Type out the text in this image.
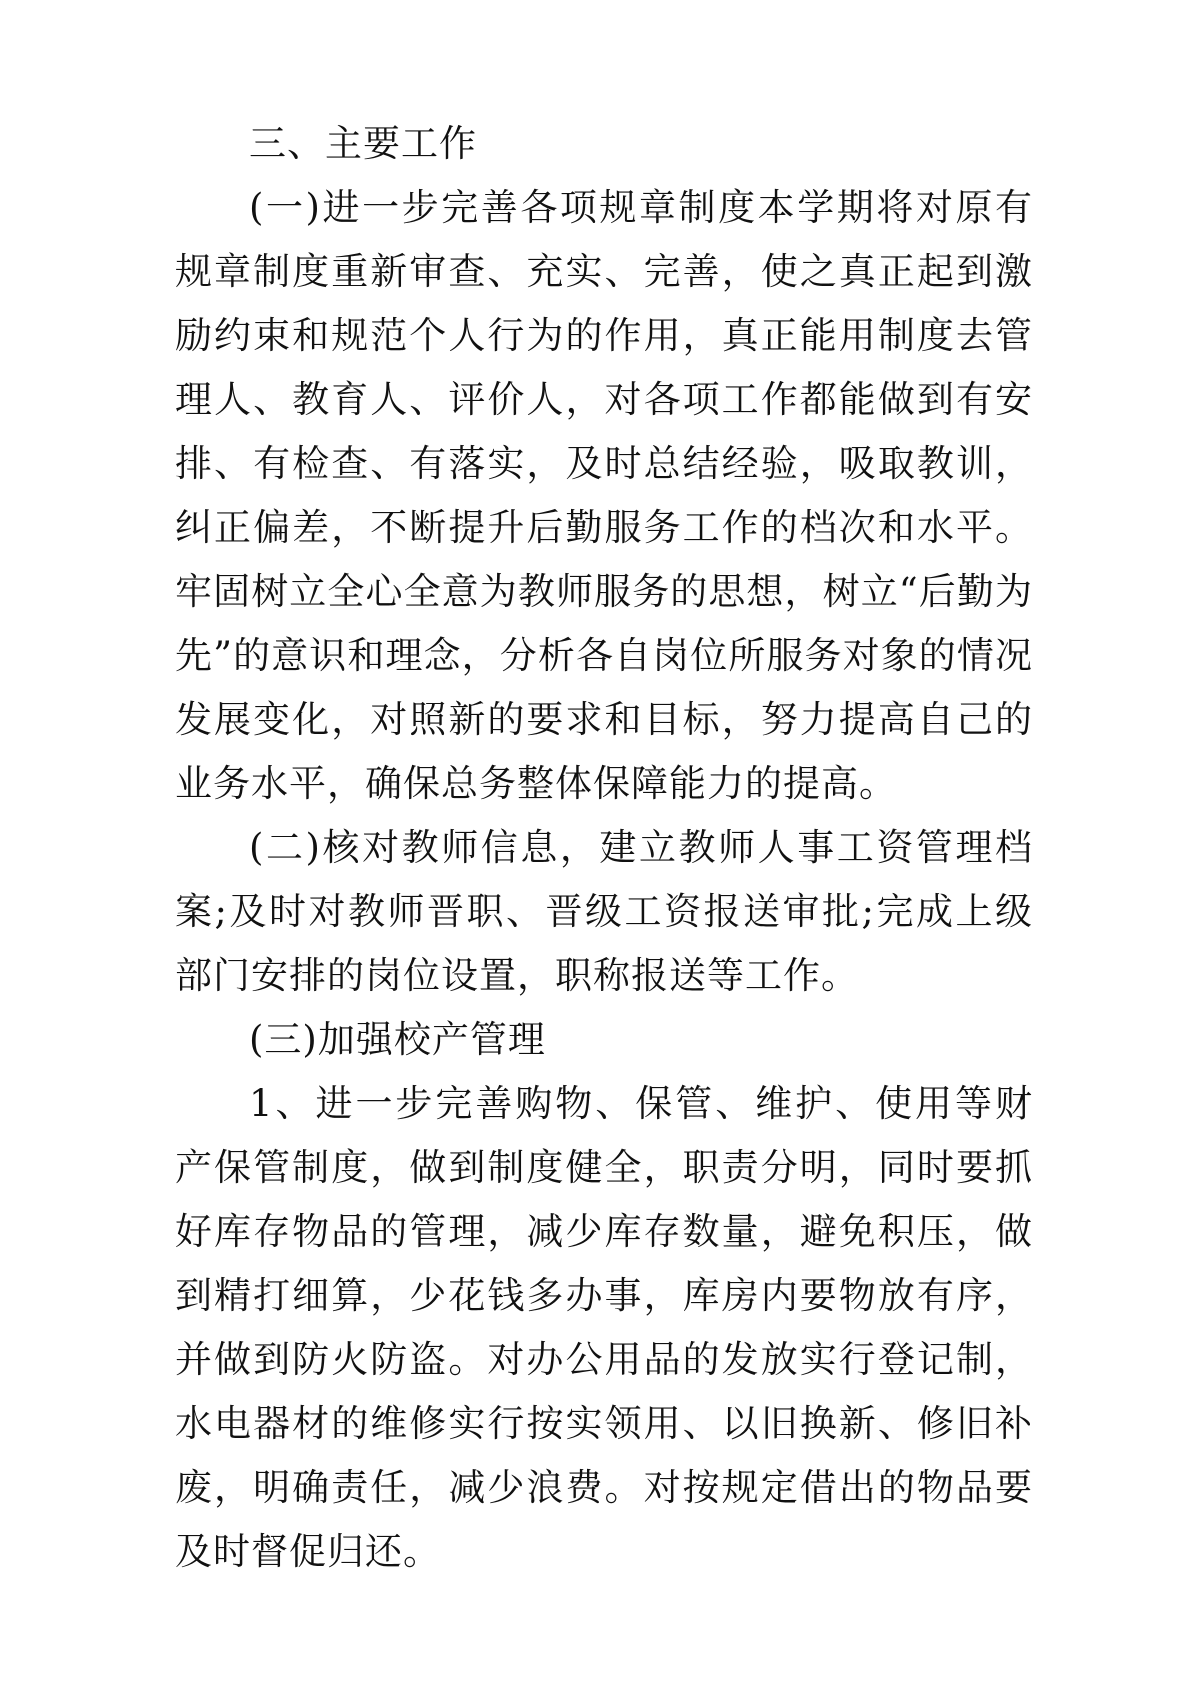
三、主要工作

(一)进一步完善各项规章制度本学期将对原有规章制度重新审查、充实、完善，使之真正起到激励约束和规范个人行为的作用，真正能用制度去管理人、教育人、评价人，对各项工作都能做到有安排、有检查、有落实，及时总结经验，吸取教训，纠正偏差，不断提升后勤服务工作的档次和水平。牢固树立全心全意为教师服务的思想，树立“后勤为先”的意识和理念，分析各自岗位所服务对象的情况发展变化，对照新的要求和目标，努力提高自己的业务水平，确保总务整体保障能力的提高。

(二)核对教师信息，建立教师人事工资管理档案;及时对教师晋职、晋级工资报送审批;完成上级部门安排的岗位设置，职称报送等工作。

(三)加强校产管理

1、进一步完善购物、保管、维护、使用等财产保管制度，做到制度健全，职责分明，同时要抓好库存物品的管理，减少库存数量，避免积压，做到精打细算，少花钱多办事，库房内要物放有序，并做到防火防盗。对办公用品的发放实行登记制，水电器材的维修实行按实领用、以旧换新、修旧补废，明确责任，减少浪费。对按规定借出的物品要及时督促归还。
